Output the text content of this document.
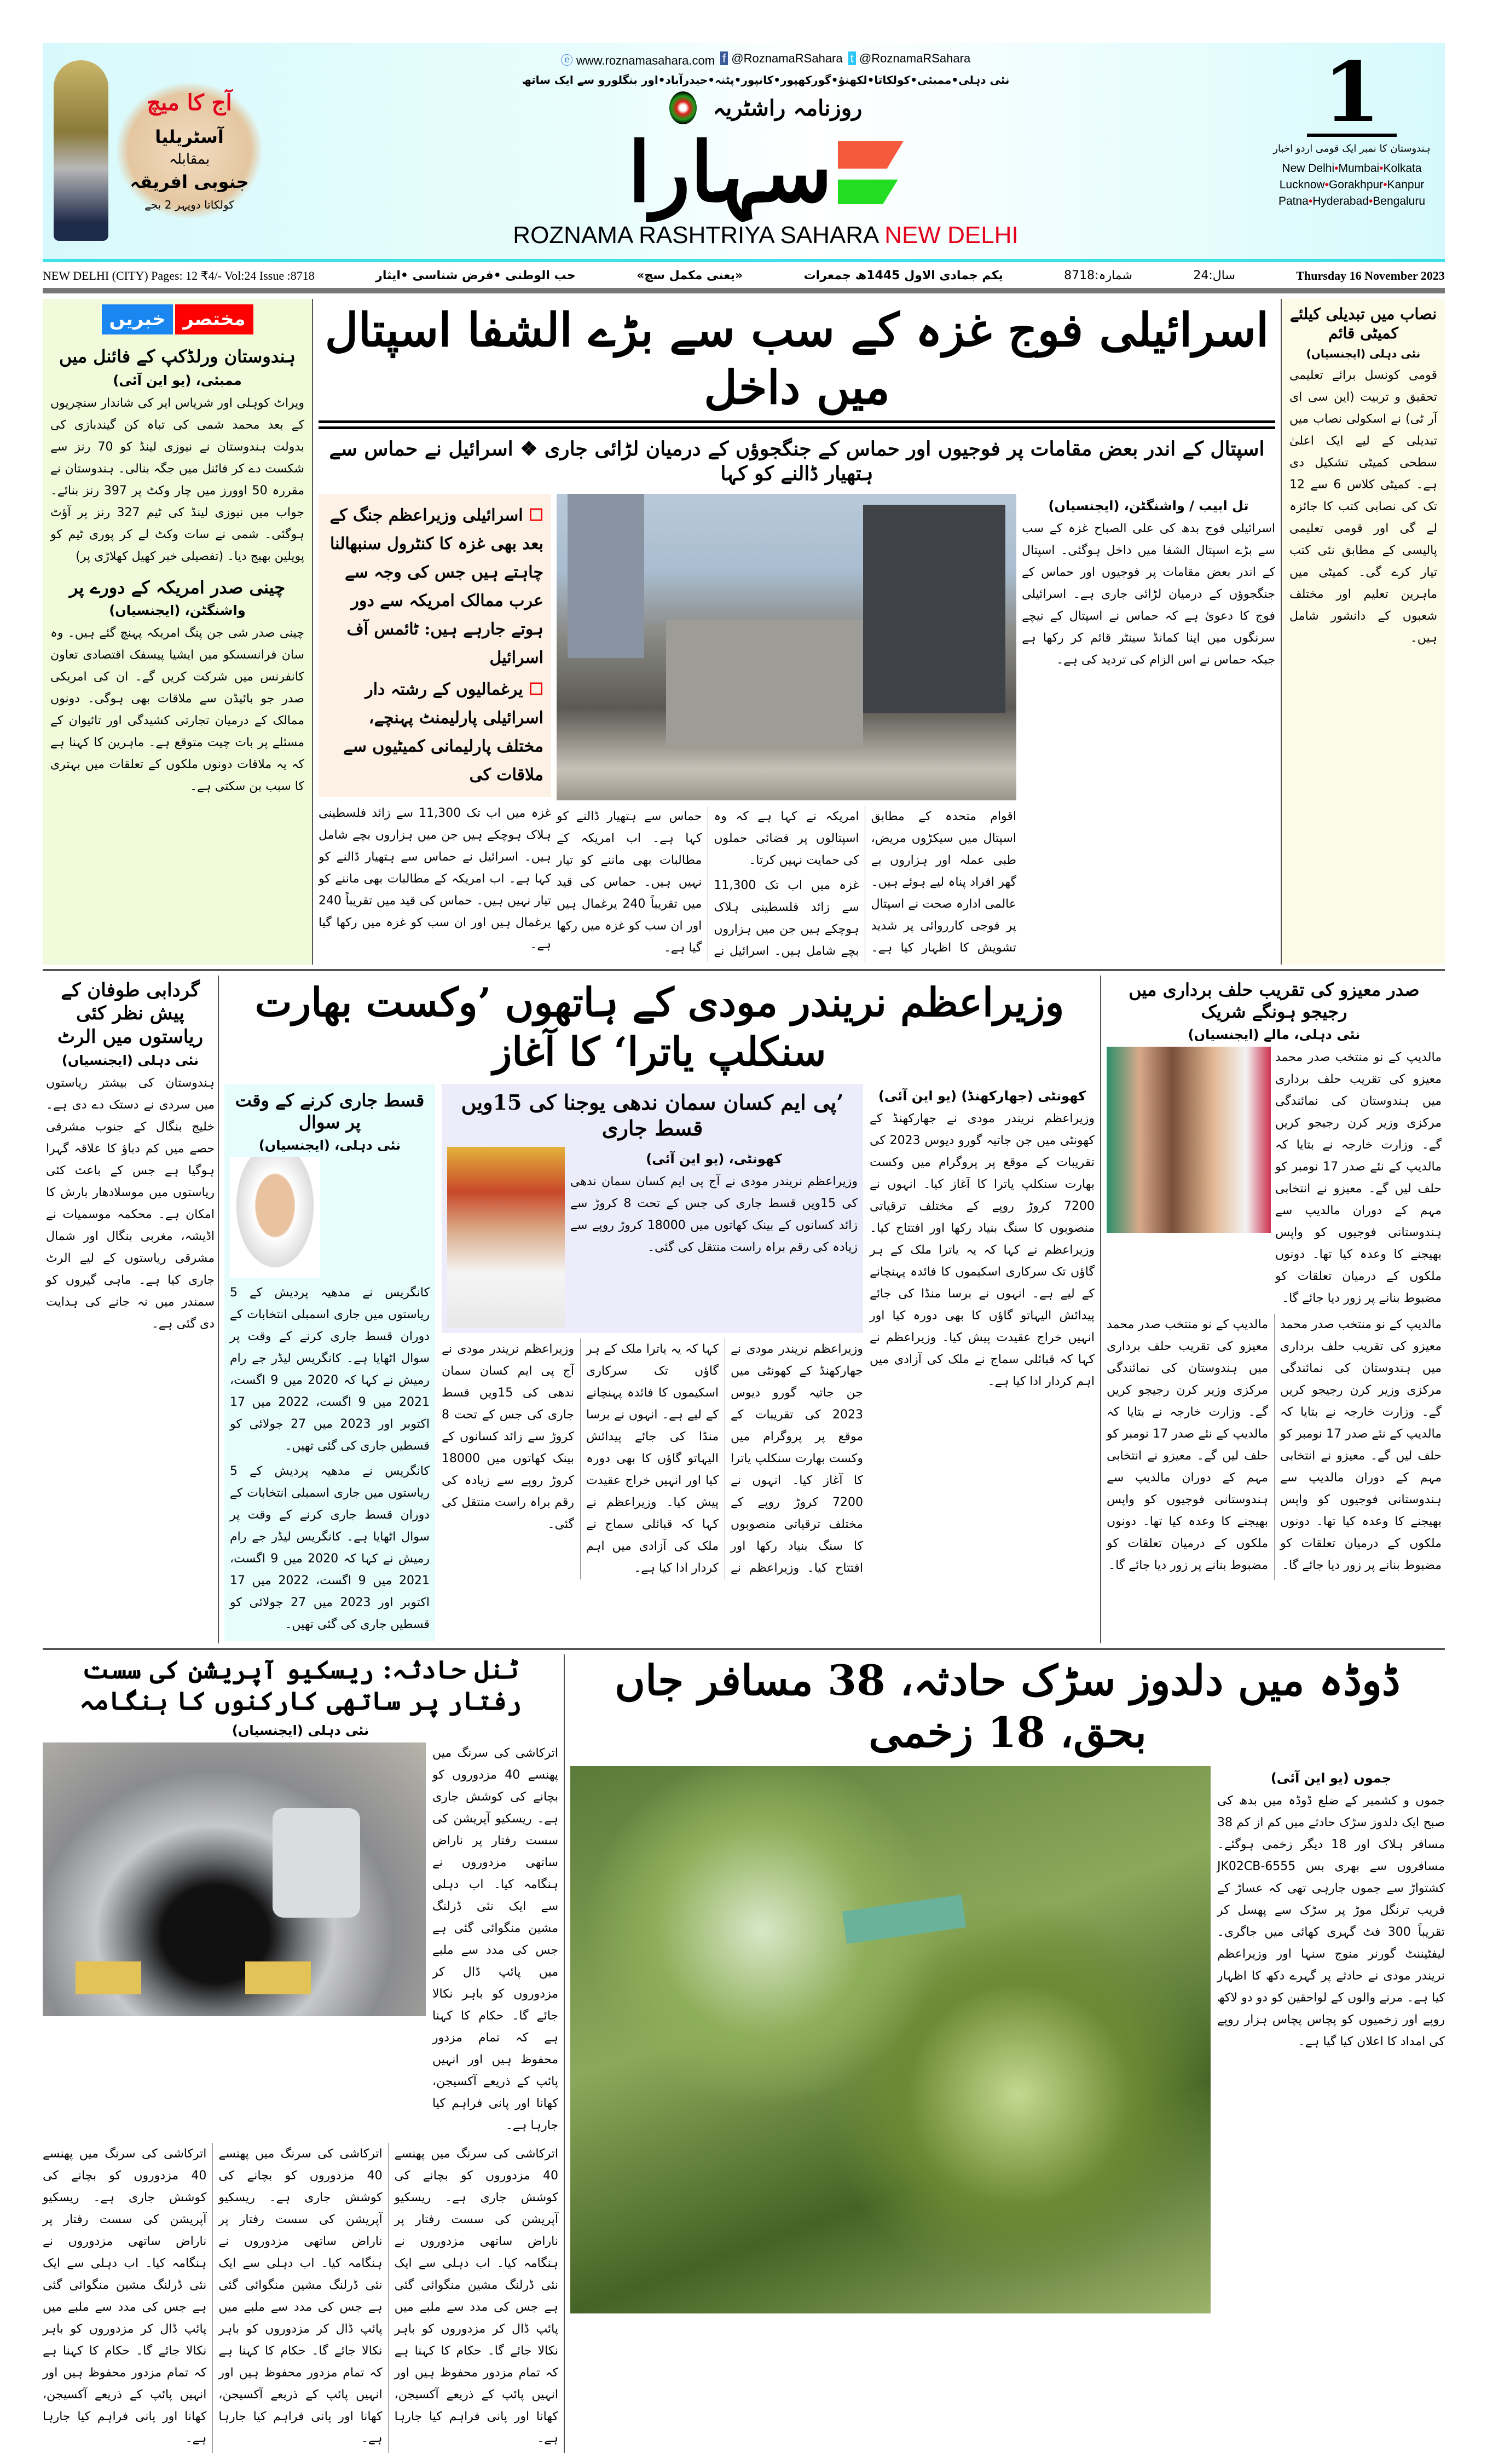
آج کا میچ
آسٹریلیا
بمقابلہ
جنوبی افریقہ
کولکاتا دوپہر 2 بجے
ⓔ www.roznamasahara.com f @RoznamaRSahara t @RoznamaRSahara
نئی دہلی•ممبئی•کولکاتا•لکھنؤ•گورکھپور•کانپور•پٹنہ•حیدرآباد•اور بنگلورو سے ایک ساتھ
روزنامہ راشٹریہ
سہارا
ROZNAMA RASHTRIYA SAHARA NEW DELHI
1
ہندوستان کا نمبر ایک قومی اردو اخبار
New Delhi•Mumbai•Kolkata
Lucknow•Gorakhpur•Kanpur
Patna•Hyderabad•Bengaluru
NEW DELHI (CITY) Pages: 12 ₹4/- Vol:24 Issue :8718	حب الوطنی •فرض شناسی •ایثار	«یعنی مکمل سچ»	یکم جمادی الاول 1445ھ جمعرات	شمارہ:8718	سال:24	Thursday 16 November 2023
خبریں مختصر
ہندوستان ورلڈکپ کے فائنل میں
ممبئی، (یو این آئی)
ویراٹ کوہلی اور شریاس ایر کی شاندار سنچریوں کے بعد محمد شمی کی تباہ کن گیندبازی کی بدولت ہندوستان نے نیوزی لینڈ کو 70 رنز سے شکست دے کر فائنل میں جگہ بنالی۔ ہندوستان نے مقررہ 50 اوورز میں چار وکٹ پر 397 رنز بنائے۔ جواب میں نیوزی لینڈ کی ٹیم 327 رنز پر آؤٹ ہوگئی۔ شمی نے سات وکٹ لے کر پوری ٹیم کو پویلین بھیج دیا۔ (تفصیلی خبر کھیل کھلاڑی پر)
چینی صدر امریکہ کے دورے پر
واشنگٹن، (ایجنسیاں)
چینی صدر شی جن پنگ امریکہ پہنچ گئے ہیں۔ وہ سان فرانسسکو میں ایشیا پیسفک اقتصادی تعاون کانفرنس میں شرکت کریں گے۔ ان کی امریکی صدر جو بائیڈن سے ملاقات بھی ہوگی۔ دونوں ممالک کے درمیان تجارتی کشیدگی اور تائیوان کے مسئلے پر بات چیت متوقع ہے۔ ماہرین کا کہنا ہے کہ یہ ملاقات دونوں ملکوں کے تعلقات میں بہتری کا سبب بن سکتی ہے۔
اسرائیلی فوج غزہ کے سب سے بڑے الشفا اسپتال میں داخل
اسپتال کے اندر بعض مقامات پر فوجیوں اور حماس کے جنگجوؤں کے درمیان لڑائی جاری ❖ اسرائیل نے حماس سے ہتھیار ڈالنے کو کہا
☐ اسرائیلی وزیراعظم جنگ کے بعد بھی غزہ کا کنٹرول سنبھالنا چاہتے ہیں جس کی وجہ سے عرب ممالک امریکہ سے دور ہوتے جارہے ہیں: ٹائمس آف اسرائیل
☐ یرغمالیوں کے رشتہ دار اسرائیلی پارلیمنٹ پہنچے، مختلف پارلیمانی کمیٹیوں سے ملاقات کی
غزہ میں اب تک 11,300 سے زائد فلسطینی ہلاک ہوچکے ہیں جن میں ہزاروں بچے شامل ہیں۔ اسرائیل نے حماس سے ہتھیار ڈالنے کو کہا ہے۔ اب امریکہ کے مطالبات بھی ماننے کو تیار نہیں ہیں۔ حماس کی قید میں تقریباً 240 یرغمال ہیں اور ان سب کو غزہ میں رکھا گیا ہے۔

اقوام متحدہ کے مطابق اسپتال میں سیکڑوں مریض، طبی عملہ اور ہزاروں بے گھر افراد پناہ لیے ہوئے ہیں۔ عالمی ادارہ صحت نے اسپتال پر فوجی کارروائی پر شدید تشویش کا اظہار کیا ہے۔ امریکہ نے کہا ہے کہ وہ اسپتالوں پر فضائی حملوں کی حمایت نہیں کرتا۔

غزہ میں اب تک 11,300 سے زائد فلسطینی ہلاک ہوچکے ہیں جن میں ہزاروں بچے شامل ہیں۔ اسرائیل نے حماس سے ہتھیار ڈالنے کو کہا ہے۔ اب امریکہ کے مطالبات بھی ماننے کو تیار نہیں ہیں۔ حماس کی قید میں تقریباً 240 یرغمال ہیں اور ان سب کو غزہ میں رکھا گیا ہے۔

تل ابیب / واشنگٹن، (ایجنسیاں)
اسرائیلی فوج بدھ کی علی الصباح غزہ کے سب سے بڑے اسپتال الشفا میں داخل ہوگئی۔ اسپتال کے اندر بعض مقامات پر فوجیوں اور حماس کے جنگجوؤں کے درمیان لڑائی جاری ہے۔ اسرائیلی فوج کا دعویٰ ہے کہ حماس نے اسپتال کے نیچے سرنگوں میں اپنا کمانڈ سینٹر قائم کر رکھا ہے جبکہ حماس نے اس الزام کی تردید کی ہے۔
نصاب میں تبدیلی کیلئے کمیٹی قائم
نئی دہلی (ایجنسیاں)
قومی کونسل برائے تعلیمی تحقیق و تربیت (این سی ای آر ٹی) نے اسکولی نصاب میں تبدیلی کے لیے ایک اعلیٰ سطحی کمیٹی تشکیل دی ہے۔ کمیٹی کلاس 6 سے 12 تک کی نصابی کتب کا جائزہ لے گی اور قومی تعلیمی پالیسی کے مطابق نئی کتب تیار کرے گی۔ کمیٹی میں ماہرین تعلیم اور مختلف شعبوں کے دانشور شامل ہیں۔
گردابی طوفان کے پیش نظر کئی ریاستوں میں الرٹ
نئی دہلی (ایجنسیاں)
ہندوستان کی بیشتر ریاستوں میں سردی نے دستک دے دی ہے۔ خلیج بنگال کے جنوب مشرقی حصے میں کم دباؤ کا علاقہ گہرا ہوگیا ہے جس کے باعث کئی ریاستوں میں موسلادھار بارش کا امکان ہے۔ محکمہ موسمیات نے اڈیشہ، مغربی بنگال اور شمال مشرقی ریاستوں کے لیے الرٹ جاری کیا ہے۔ ماہی گیروں کو سمندر میں نہ جانے کی ہدایت دی گئی ہے۔
وزیراعظم نریندر مودی کے ہاتھوں ’وکست بھارت سنکلپ یاترا‘ کا آغاز
قسط جاری کرنے کے وقت پر سوال
نئی دہلی، (ایجنسیاں)
کانگریس نے مدھیہ پردیش کے 5 ریاستوں میں جاری اسمبلی انتخابات کے دوران قسط جاری کرنے کے وقت پر سوال اٹھایا ہے۔ کانگریس لیڈر جے رام رمیش نے کہا کہ 2020 میں 9 اگست، 2021 میں 9 اگست، 2022 میں 17 اکتوبر اور 2023 میں 27 جولائی کو قسطیں جاری کی گئی تھیں۔
کانگریس نے مدھیہ پردیش کے 5 ریاستوں میں جاری اسمبلی انتخابات کے دوران قسط جاری کرنے کے وقت پر سوال اٹھایا ہے۔ کانگریس لیڈر جے رام رمیش نے کہا کہ 2020 میں 9 اگست، 2021 میں 9 اگست، 2022 میں 17 اکتوبر اور 2023 میں 27 جولائی کو قسطیں جاری کی گئی تھیں۔
’پی ایم کسان سمان ندھی یوجنا کی 15ویں قسط جاری
کھونٹی، (یو این آئی)
وزیراعظم نریندر مودی نے آج پی ایم کسان سمان ندھی کی 15ویں قسط جاری کی جس کے تحت 8 کروڑ سے زائد کسانوں کے بینک کھاتوں میں 18000 کروڑ روپے سے زیادہ کی رقم براہ راست منتقل کی گئی۔

وزیراعظم نریندر مودی نے جھارکھنڈ کے کھونٹی میں جن جاتیہ گورو دیوس 2023 کی تقریبات کے موقع پر پروگرام میں وکست بھارت سنکلپ یاترا کا آغاز کیا۔ انہوں نے 7200 کروڑ روپے کے مختلف ترقیاتی منصوبوں کا سنگ بنیاد رکھا اور افتتاح کیا۔ وزیراعظم نے کہا کہ یہ یاترا ملک کے ہر گاؤں تک سرکاری اسکیموں کا فائدہ پہنچانے کے لیے ہے۔ انہوں نے برسا منڈا کی جائے پیدائش الیہاتو گاؤں کا بھی دورہ کیا اور انہیں خراج عقیدت پیش کیا۔ وزیراعظم نے کہا کہ قبائلی سماج نے ملک کی آزادی میں اہم کردار ادا کیا ہے۔

وزیراعظم نریندر مودی نے آج پی ایم کسان سمان ندھی کی 15ویں قسط جاری کی جس کے تحت 8 کروڑ سے زائد کسانوں کے بینک کھاتوں میں 18000 کروڑ روپے سے زیادہ کی رقم براہ راست منتقل کی گئی۔

کھونٹی (جھارکھنڈ) (یو این آئی)
وزیراعظم نریندر مودی نے جھارکھنڈ کے کھونٹی میں جن جاتیہ گورو دیوس 2023 کی تقریبات کے موقع پر پروگرام میں وکست بھارت سنکلپ یاترا کا آغاز کیا۔ انہوں نے 7200 کروڑ روپے کے مختلف ترقیاتی منصوبوں کا سنگ بنیاد رکھا اور افتتاح کیا۔ وزیراعظم نے کہا کہ یہ یاترا ملک کے ہر گاؤں تک سرکاری اسکیموں کا فائدہ پہنچانے کے لیے ہے۔ انہوں نے برسا منڈا کی جائے پیدائش الیہاتو گاؤں کا بھی دورہ کیا اور انہیں خراج عقیدت پیش کیا۔ وزیراعظم نے کہا کہ قبائلی سماج نے ملک کی آزادی میں اہم کردار ادا کیا ہے۔
صدر معیزو کی تقریب حلف برداری میں رجیجو ہونگے شریک
نئی دہلی، مالے (ایجنسیاں)
مالدیپ کے نو منتخب صدر محمد معیزو کی تقریب حلف برداری میں ہندوستان کی نمائندگی مرکزی وزیر کرن رجیجو کریں گے۔ وزارت خارجہ نے بتایا کہ مالدیپ کے نئے صدر 17 نومبر کو حلف لیں گے۔ معیزو نے انتخابی مہم کے دوران مالدیپ سے ہندوستانی فوجیوں کو واپس بھیجنے کا وعدہ کیا تھا۔ دونوں ملکوں کے درمیان تعلقات کو مضبوط بنانے پر زور دیا جائے گا۔

مالدیپ کے نو منتخب صدر محمد معیزو کی تقریب حلف برداری میں ہندوستان کی نمائندگی مرکزی وزیر کرن رجیجو کریں گے۔ وزارت خارجہ نے بتایا کہ مالدیپ کے نئے صدر 17 نومبر کو حلف لیں گے۔ معیزو نے انتخابی مہم کے دوران مالدیپ سے ہندوستانی فوجیوں کو واپس بھیجنے کا وعدہ کیا تھا۔ دونوں ملکوں کے درمیان تعلقات کو مضبوط بنانے پر زور دیا جائے گا۔

مالدیپ کے نو منتخب صدر محمد معیزو کی تقریب حلف برداری میں ہندوستان کی نمائندگی مرکزی وزیر کرن رجیجو کریں گے۔ وزارت خارجہ نے بتایا کہ مالدیپ کے نئے صدر 17 نومبر کو حلف لیں گے۔ معیزو نے انتخابی مہم کے دوران مالدیپ سے ہندوستانی فوجیوں کو واپس بھیجنے کا وعدہ کیا تھا۔ دونوں ملکوں کے درمیان تعلقات کو مضبوط بنانے پر زور دیا جائے گا۔

ٹنل حادثہ: ریسکیو آپریشن کی سست رفتار پر ساتھی کارکنوں کا ہنگامہ
نئی دہلی (ایجنسیاں)
اترکاشی کی سرنگ میں پھنسے 40 مزدوروں کو بچانے کی کوشش جاری ہے۔ ریسکیو آپریشن کی سست رفتار پر ناراض ساتھی مزدوروں نے ہنگامہ کیا۔ اب دہلی سے ایک نئی ڈرلنگ مشین منگوائی گئی ہے جس کی مدد سے ملبے میں پائپ ڈال کر مزدوروں کو باہر نکالا جائے گا۔ حکام کا کہنا ہے کہ تمام مزدور محفوظ ہیں اور انہیں پائپ کے ذریعے آکسیجن، کھانا اور پانی فراہم کیا جارہا ہے۔

اترکاشی کی سرنگ میں پھنسے 40 مزدوروں کو بچانے کی کوشش جاری ہے۔ ریسکیو آپریشن کی سست رفتار پر ناراض ساتھی مزدوروں نے ہنگامہ کیا۔ اب دہلی سے ایک نئی ڈرلنگ مشین منگوائی گئی ہے جس کی مدد سے ملبے میں پائپ ڈال کر مزدوروں کو باہر نکالا جائے گا۔ حکام کا کہنا ہے کہ تمام مزدور محفوظ ہیں اور انہیں پائپ کے ذریعے آکسیجن، کھانا اور پانی فراہم کیا جارہا ہے۔

اترکاشی کی سرنگ میں پھنسے 40 مزدوروں کو بچانے کی کوشش جاری ہے۔ ریسکیو آپریشن کی سست رفتار پر ناراض ساتھی مزدوروں نے ہنگامہ کیا۔ اب دہلی سے ایک نئی ڈرلنگ مشین منگوائی گئی ہے جس کی مدد سے ملبے میں پائپ ڈال کر مزدوروں کو باہر نکالا جائے گا۔ حکام کا کہنا ہے کہ تمام مزدور محفوظ ہیں اور انہیں پائپ کے ذریعے آکسیجن، کھانا اور پانی فراہم کیا جارہا ہے۔

اترکاشی کی سرنگ میں پھنسے 40 مزدوروں کو بچانے کی کوشش جاری ہے۔ ریسکیو آپریشن کی سست رفتار پر ناراض ساتھی مزدوروں نے ہنگامہ کیا۔ اب دہلی سے ایک نئی ڈرلنگ مشین منگوائی گئی ہے جس کی مدد سے ملبے میں پائپ ڈال کر مزدوروں کو باہر نکالا جائے گا۔ حکام کا کہنا ہے کہ تمام مزدور محفوظ ہیں اور انہیں پائپ کے ذریعے آکسیجن، کھانا اور پانی فراہم کیا جارہا ہے۔

ڈوڈہ میں دلدوز سڑک حادثہ، 38 مسافر جاں بحق، 18 زخمی
جموں (یو این آئی)
جموں و کشمیر کے ضلع ڈوڈہ میں بدھ کی صبح ایک دلدوز سڑک حادثے میں کم از کم 38 مسافر ہلاک اور 18 دیگر زخمی ہوگئے۔ مسافروں سے بھری بس JK02CB-6555 کشتواڑ سے جموں جارہی تھی کہ عساڑ کے قریب ترنگل موڑ پر سڑک سے پھسل کر تقریباً 300 فٹ گہری کھائی میں جاگری۔ لیفٹیننٹ گورنر منوج سنہا اور وزیراعظم نریندر مودی نے حادثے پر گہرے دکھ کا اظہار کیا ہے۔ مرنے والوں کے لواحقین کو دو دو لاکھ روپے اور زخمیوں کو پچاس پچاس ہزار روپے کی امداد کا اعلان کیا گیا ہے۔
